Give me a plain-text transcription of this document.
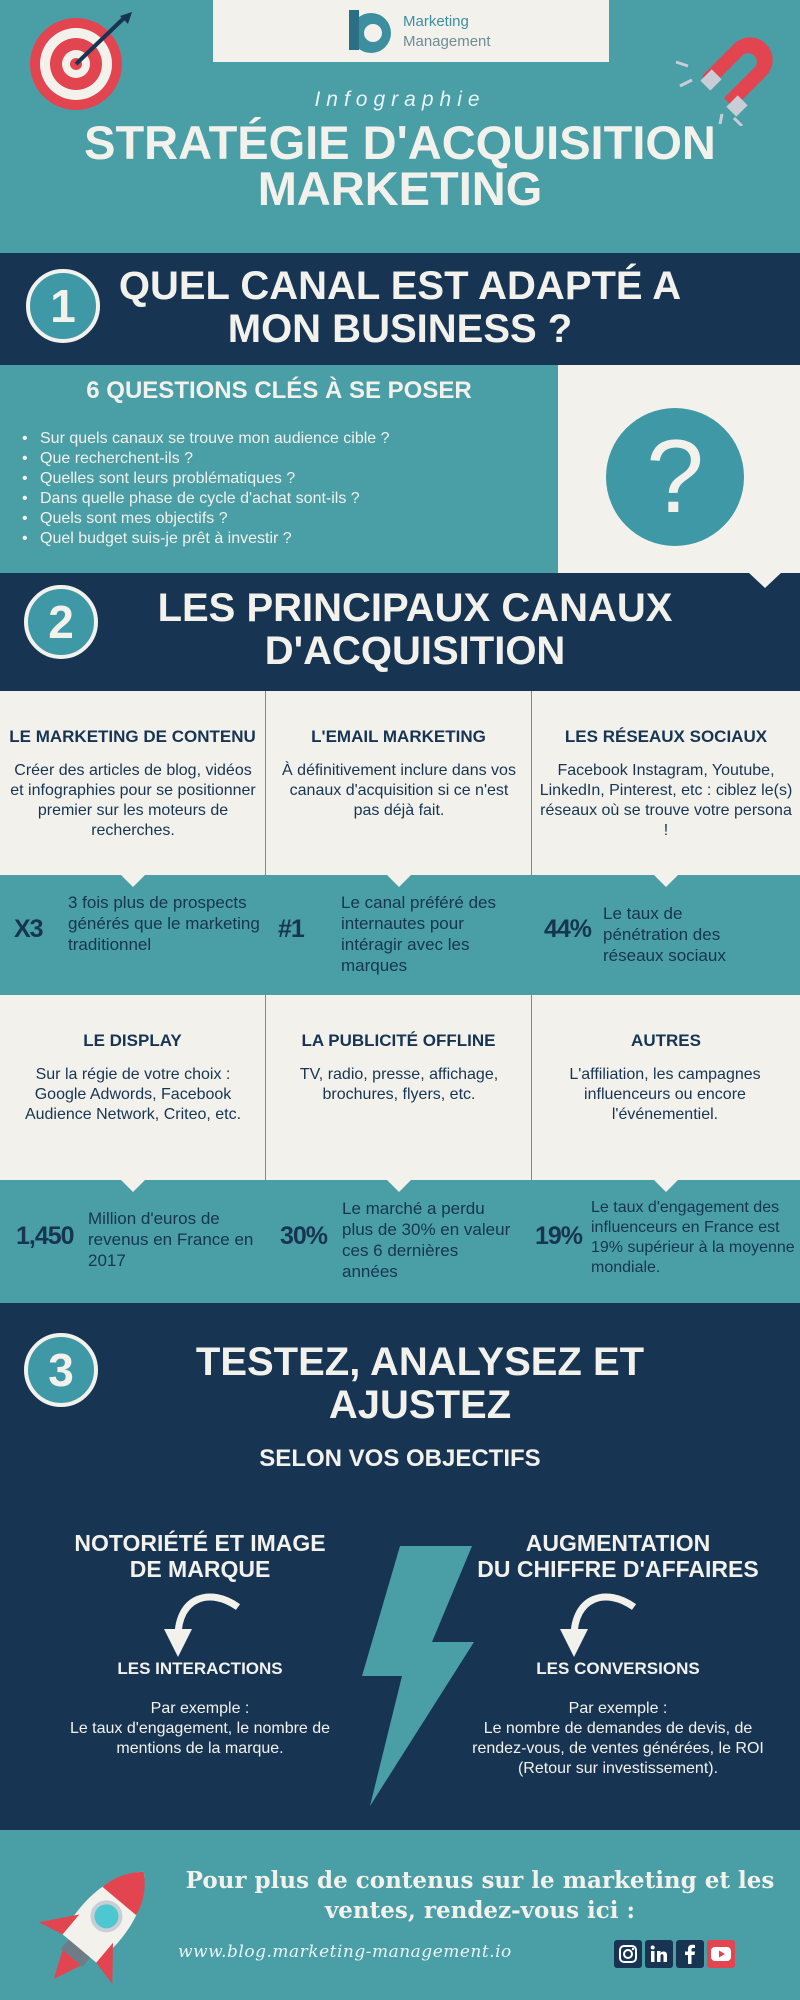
Marketing
Management
Infographie
STRATÉGIE D'ACQUISITION
MARKETING
1	QUEL CANAL EST ADAPTÉ A
MON BUSINESS ?
6 QUESTIONS CLÉS À SE POSER
• Sur quels canaux se trouve mon audience cible ?
• Que recherchent-ils ?
• Quelles sont leurs problématiques ?
• Dans quelle phase de cycle d'achat sont-ils ?
• Quels sont mes objectifs ?
• Quel budget suis-je prêt à investir ?
?
2	LES PRINCIPAUX CANAUX
D'ACQUISITION
LE MARKETING DE CONTENU
Créer des articles de blog, vidéos et infographies pour se positionner premier sur les moteurs de recherches.
L'EMAIL MARKETING
À définitivement inclure dans vos canaux d'acquisition si ce n'est pas déjà fait.
LES RÉSEAUX SOCIAUX
Facebook Instagram, Youtube, LinkedIn, Pinterest, etc : ciblez le(s) réseaux où se trouve votre persona !
X3
3 fois plus de prospects générés que le marketing traditionnel
#1
Le canal préféré des internautes pour intéragir avec les marques
44%
Le taux de pénétration des réseaux sociaux
LE DISPLAY
Sur la régie de votre choix : Google Adwords, Facebook Audience Network, Criteo, etc.
LA PUBLICITÉ OFFLINE
TV, radio, presse, affichage, brochures, flyers, etc.
AUTRES
L'affiliation, les campagnes influenceurs ou encore l'événementiel.
1,450
Million d'euros de revenus en France en 2017
30%
Le marché a perdu plus de 30% en valeur ces 6 dernières années
19%
Le taux d'engagement des influenceurs en France est 19% supérieur à la moyenne mondiale.
3	TESTEZ, ANALYSEZ ET
AJUSTEZ
SELON VOS OBJECTIFS
NOTORIÉTÉ ET IMAGE
DE MARQUE
LES INTERACTIONS
Par exemple :
Le taux d'engagement, le nombre de mentions de la marque.
AUGMENTATION
DU CHIFFRE D'AFFAIRES
LES CONVERSIONS
Par exemple :
Le nombre de demandes de devis, de rendez-vous, de ventes générées, le ROI (Retour sur investissement).
Pour plus de contenus sur le marketing et les ventes, rendez-vous ici :
www.blog.marketing-management.io
